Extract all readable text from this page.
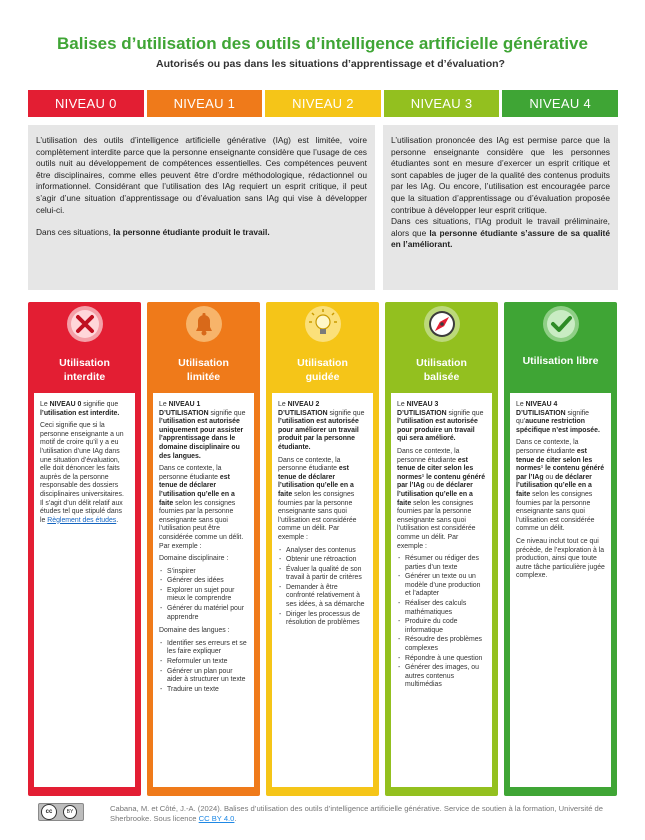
Balises d’utilisation des outils d’intelligence artificielle générative
Autorisés ou pas dans les situations d’apprentissage et d’évaluation?
NIVEAU 0	NIVEAU 1	NIVEAU 2	NIVEAU 3	NIVEAU 4

L’utilisation des outils d’intelligence artificielle générative (IAg) est limitée, voire complètement interdite parce que la personne enseignante considère que l’usage de ces outils nuit au développement de compétences essentielles. Ces compétences peuvent être disciplinaires, comme elles peuvent être d’ordre méthodologique, rédactionnel ou informationnel. Considérant que l’utilisation des IAg requiert un esprit critique, il peut s’agir d’une situation d’apprentissage ou d’évaluation sans IAg qui vise à développer celui-ci.

Dans ces situations, la personne étudiante produit le travail.

L’utilisation prononcée des IAg est permise parce que la personne enseignante considère que les personnes étudiantes sont en mesure d’exercer un esprit critique et sont capables de juger de la qualité des contenus produits par les IAg. Ou encore, l’utilisation est encouragée parce que la situation d’apprentissage ou d’évaluation proposée contribue à développer leur esprit critique.

Dans ces situations, l’IAg produit le travail préliminaire, alors que la personne étudiante s’assure de sa qualité en l’améliorant.

Utilisation
interdite

Le NIVEAU 0 signifie que l’utilisation est interdite.

Ceci signifie que si la personne enseignante a un motif de croire qu’il y a eu l’utilisation d’une IAg dans une situation d’évaluation, elle doit dénoncer les faits auprès de la personne responsable des dossiers disciplinaires universitaires. Il s’agit d’un délit relatif aux études tel que stipulé dans le Règlement des études.

Utilisation
limitée

Le NIVEAU 1 D’UTILISATION signifie que l’utilisation est autorisée uniquement pour assister l’apprentissage dans le domaine disciplinaire ou des langues.

Dans ce contexte, la personne étudiante est tenue de déclarer l’utilisation qu’elle en a faite selon les consignes fournies par la personne enseignante sans quoi l’utilisation peut être considérée comme un délit. Par exemple :

Domaine disciplinaire :

- S’inspirer
- Générer des idées
- Explorer un sujet pour mieux le comprendre
- Générer du matériel pour apprendre

Domaine des langues :

- Identifier ses erreurs et se les faire expliquer
- Reformuler un texte
- Générer un plan pour aider à structurer un texte
- Traduire un texte
Utilisation
guidée

Le NIVEAU 2 D’UTILISATION signifie que l’utilisation est autorisée pour améliorer un travail produit par la personne étudiante.

Dans ce contexte, la personne étudiante est tenue de déclarer l’utilisation qu’elle en a faite selon les consignes fournies par la personne enseignante sans quoi l’utilisation est considérée comme un délit. Par exemple :

- Analyser des contenus
- Obtenir une rétroaction
- Évaluer la qualité de son travail à partir de critères
- Demander à être confronté relativement à ses idées, à sa démarche
- Diriger les processus de résolution de problèmes
Utilisation
balisée

Le NIVEAU 3 D’UTILISATION signifie que l’utilisation est autorisée pour produire un travail qui sera amélioré.

Dans ce contexte, la personne étudiante est tenue de citer selon les normes¹ le contenu généré par l’IAg ou de déclarer l’utilisation qu’elle en a faite selon les consignes fournies par la personne enseignante sans quoi l’utilisation est considérée comme un délit. Par exemple :

- Résumer ou rédiger des parties d’un texte
- Générer un texte ou un modèle d’une production et l’adapter
- Réaliser des calculs mathématiques
- Produire du code informatique
- Résoudre des problèmes complexes
- Répondre à une question
- Générer des images, ou autres contenus multimédias
Utilisation libre

Le NIVEAU 4 D’UTILISATION signifie qu’aucune restriction spécifique n’est imposée.

Dans ce contexte, la personne étudiante est tenue de citer selon les normes¹ le contenu généré par l’IAg ou de déclarer l’utilisation qu’elle en a faite selon les consignes fournies par la personne enseignante sans quoi l’utilisation est considérée comme un délit.

Ce niveau inclut tout ce qui précède, de l’exploration à la production, ainsi que toute autre tâche particulière jugée complexe.

cc	BY	Cabana, M. et Côté, J.-A. (2024). Balises d’utilisation des outils d’intelligence artificielle générative. Service de soutien à la formation, Université de Sherbrooke. Sous licence CC BY 4.0.
